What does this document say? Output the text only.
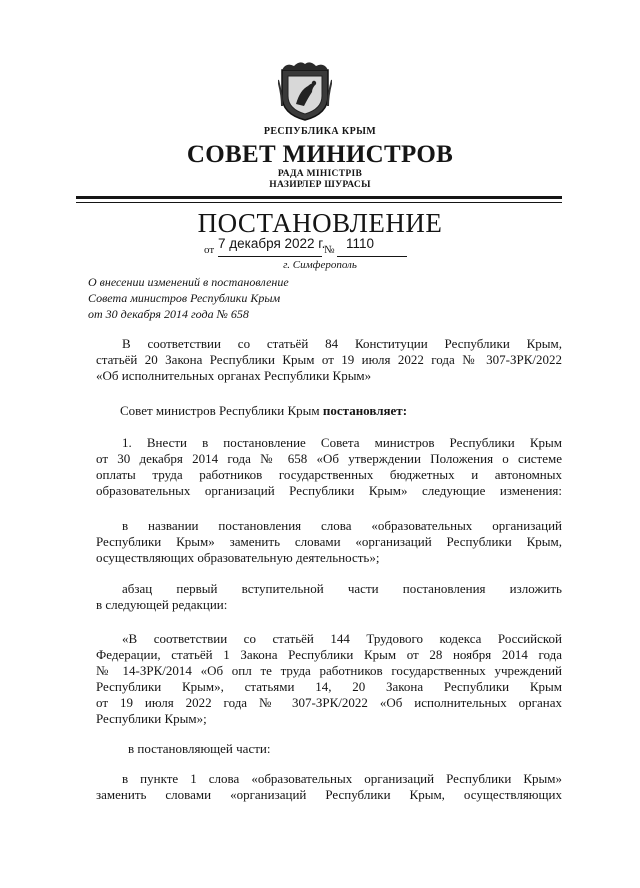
РЕСПУБЛИКА КРЫМ
СОВЕТ МИНИСТРОВ
РАДА МІНІСТРІВ
НАЗИРЛЕР ШУРАСЫ
ПОСТАНОВЛЕНИЕ
от 7 декабря 2022 г.
№ 1110
г. Симферополь
О внесении изменений в постановление
Совета министров Республики Крым
от 30 декабря 2014 года № 658
В соответствии со статьёй 84 Конституции Республики Крым,
статьёй 20 Закона Республики Крым от 19 июля 2022 года № 307-ЗРК/2022
«Об исполнительных органах Республики Крым»
Совет министров Республики Крым постановляет:
1. Внести в постановление Совета министров Республики Крым
от 30 декабря 2014 года № 658 «Об утверждении Положения о системе
оплаты труда работников государственных бюджетных и автономных
образовательных организаций Республики Крым» следующие изменения:
в названии постановления слова «образовательных организаций
Республики Крым» заменить словами «организаций Республики Крым,
осуществляющих образовательную деятельность»;
абзац первый вступительной части постановления изложить
в следующей редакции:
«В соответствии со статьёй 144 Трудового кодекса Российской
Федерации, статьёй 1 Закона Республики Крым от 28 ноября 2014 года
№ 14-ЗРК/2014 «Об опл те труда работников государственных учреждений
Республики Крым», статьями 14, 20 Закона Республики Крым
от 19 июля 2022 года № 307-ЗРК/2022 «Об исполнительных органах
Республики Крым»;
в постановляющей части:
в пункте 1 слова «образовательных организаций Республики Крым»
заменить словами «организаций Республики Крым, осуществляющих
